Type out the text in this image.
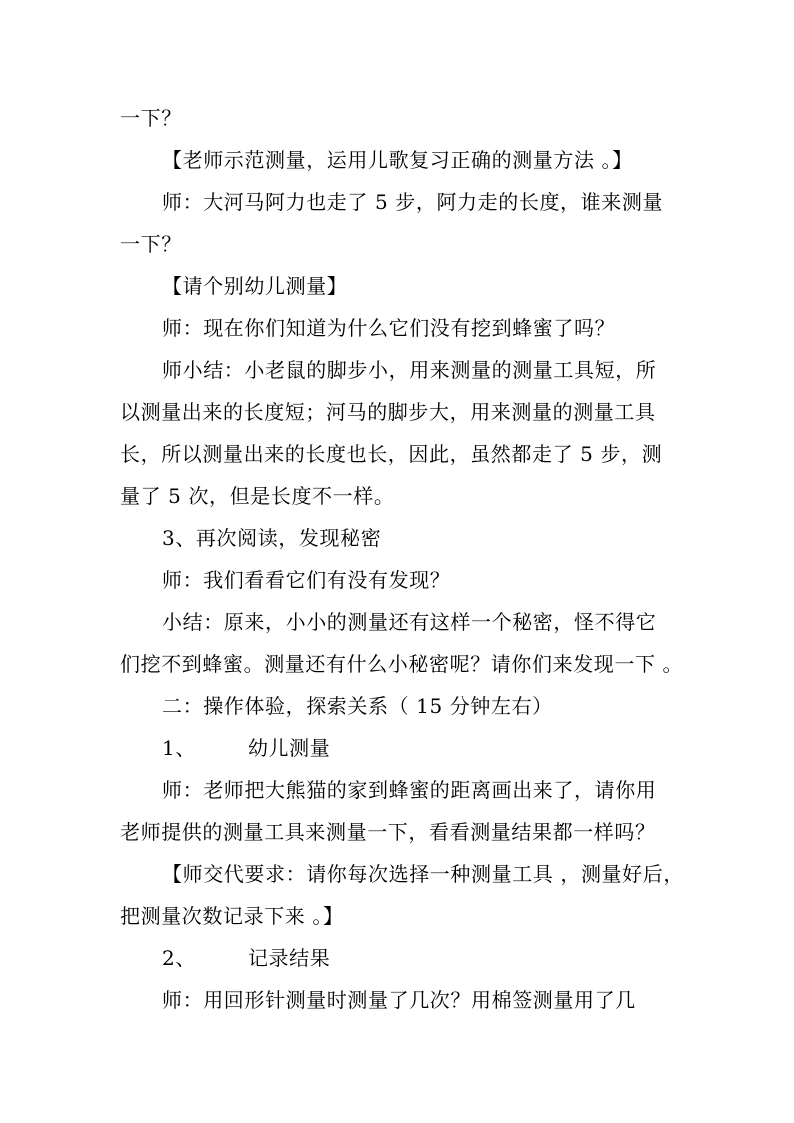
一下？
【老师示范测量，运用儿歌复习正确的测量方法 。】
师：大河马阿力也走了 5 步，阿力走的长度，谁来测量
一下？
【请个别幼儿测量】
师：现在你们知道为什么它们没有挖到蜂蜜了吗？
师小结：小老鼠的脚步小，用来测量的测量工具短，所
以测量出来的长度短；河马的脚步大，用来测量的测量工具
长，所以测量出来的长度也长，因此，虽然都走了 5 步，测
量了 5 次，但是长度不一样。
3、再次阅读，发现秘密
师：我们看看它们有没有发现？
小结：原来，小小的测量还有这样一个秘密，怪不得它
们挖不到蜂蜜。测量还有什么小秘密呢？请你们来发现一下 。
二：操作体验，探索关系（ 15 分钟左右）
1、	幼儿测量
师：老师把大熊猫的家到蜂蜜的距离画出来了，请你用
老师提供的测量工具来测量一下，看看测量结果都一样吗？
【师交代要求：请你每次选择一种测量工具 ，测量好后，
把测量次数记录下来 。】
2、	记录结果
师：用回形针测量时测量了几次？用棉签测量用了几
